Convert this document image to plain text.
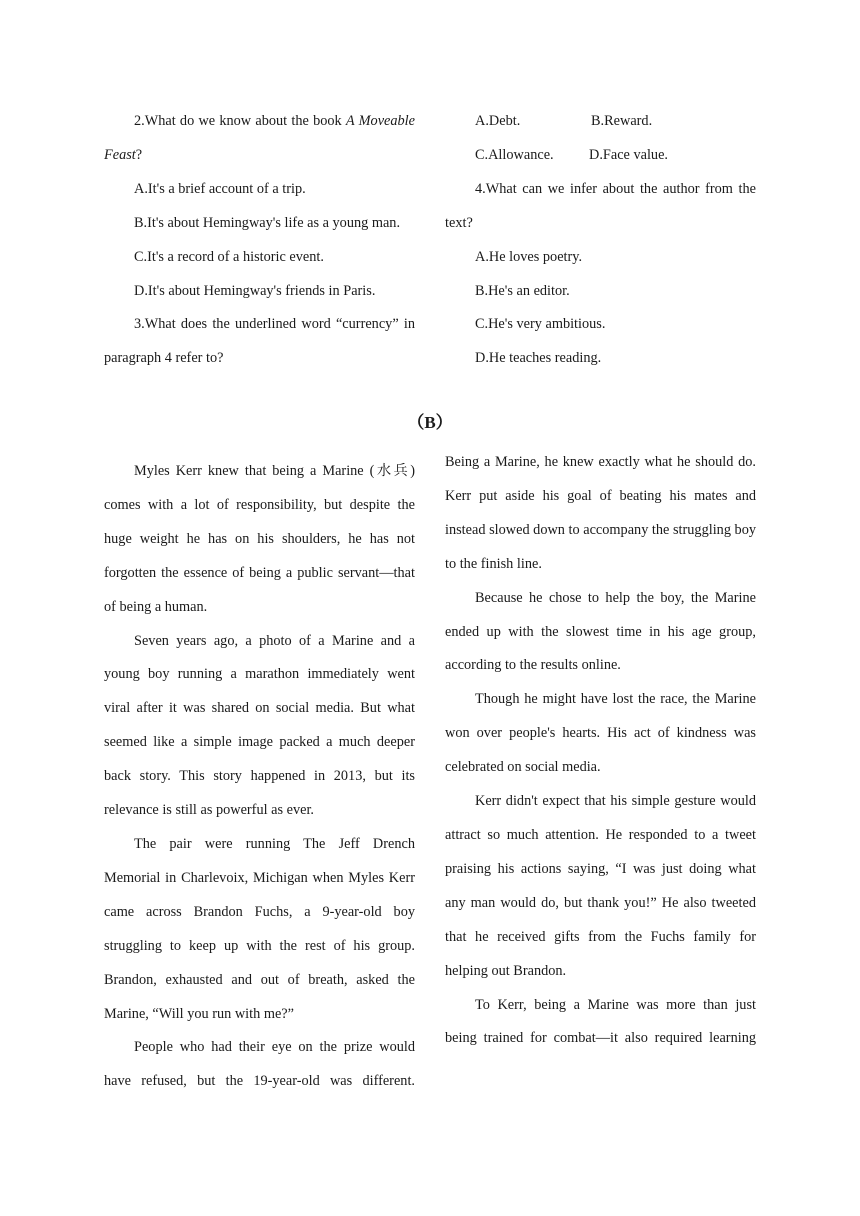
2.What do we know about the book A Moveable Feast?

A.It's a brief account of a trip.

B.It's about Hemingway's life as a young man.

C.It's a record of a historic event.

D.It's about Hemingway's friends in Paris.

3.What does the underlined word “currency” in paragraph 4 refer to?

A.Debt.	B.Reward.
C.Allowance.	D.Face value.

4.What can we infer about the author from the text?

A.He loves poetry.

B.He's an editor.

C.He's very ambitious.

D.He teaches reading.

（B）

Myles Kerr knew that being a Marine (水兵) comes with a lot of responsibility, but despite the huge weight he has on his shoulders, he has not forgotten the essence of being a public servant—that of being a human.

Seven years ago, a photo of a Marine and a young boy running a marathon immediately went viral after it was shared on social media. But what seemed like a simple image packed a much deeper back story. This story happened in 2013, but its relevance is still as powerful as ever.

The pair were running The Jeff Drench Memorial in Charlevoix, Michigan when Myles Kerr came across Brandon Fuchs, a 9-year-old boy struggling to keep up with the rest of his group. Brandon, exhausted and out of breath, asked the Marine, “Will you run with me?”

People who had their eye on the prize would have refused, but the 19-year-old was different.

Being a Marine, he knew exactly what he should do. Kerr put aside his goal of beating his mates and instead slowed down to accompany the struggling boy to the finish line.

Because he chose to help the boy, the Marine ended up with the slowest time in his age group, according to the results online.

Though he might have lost the race, the Marine won over people's hearts. His act of kindness was celebrated on social media.

Kerr didn't expect that his simple gesture would attract so much attention. He responded to a tweet praising his actions saying, “I was just doing what any man would do, but thank you!” He also tweeted that he received gifts from the Fuchs family for helping out Brandon.

To Kerr, being a Marine was more than just being trained for combat—it also required learning
